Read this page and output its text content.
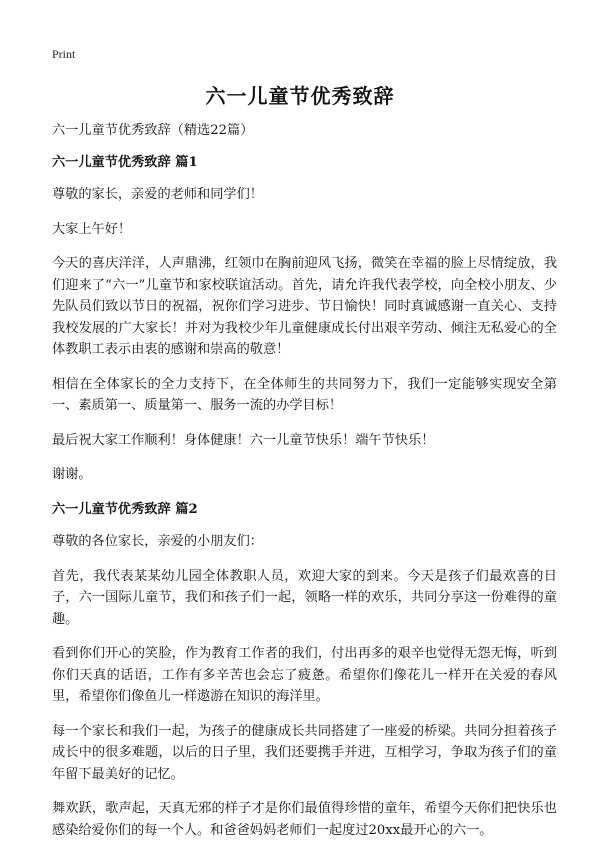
Print
六一儿童节优秀致辞

六一儿童节优秀致辞（精选22篇）

六一儿童节优秀致辞 篇1

尊敬的家长，亲爱的老师和同学们！

大家上午好！

今天的喜庆洋洋，人声鼎沸，红领巾在胸前迎风飞扬，微笑在幸福的脸上尽情绽放，我们迎来了“六一”儿童节和家校联谊活动。首先，请允许我代表学校，向全校小朋友、少先队员们致以节日的祝福，祝你们学习进步、节日愉快！同时真诚感谢一直关心、支持我校发展的广大家长！并对为我校少年儿童健康成长付出艰辛劳动、倾注无私爱心的全体教职工表示由衷的感谢和崇高的敬意！

相信在全体家长的全力支持下，在全体师生的共同努力下，我们一定能够实现安全第一、素质第一、质量第一、服务一流的办学目标！

最后祝大家工作顺利！身体健康！六一儿童节快乐！端午节快乐！

谢谢。

六一儿童节优秀致辞 篇2

尊敬的各位家长，亲爱的小朋友们：

首先，我代表某某幼儿园全体教职人员，欢迎大家的到来。今天是孩子们最欢喜的日子，六一国际儿童节，我们和孩子们一起，领略一样的欢乐，共同分享这一份难得的童趣。

看到你们开心的笑脸，作为教育工作者的我们，付出再多的艰辛也觉得无怨无悔，听到你们天真的话语，工作有多辛苦也会忘了疲惫。希望你们像花儿一样开在关爱的春风里，希望你们像鱼儿一样遨游在知识的海洋里。

每一个家长和我们一起，为孩子的健康成长共同搭建了一座爱的桥梁。共同分担着孩子成长中的很多难题，以后的日子里，我们还要携手并进，互相学习，争取为孩子们的童年留下最美好的记忆。

舞欢跃，歌声起，天真无邪的样子才是你们最值得珍惜的童年，希望今天你们把快乐也感染给爱你们的每一个人。和爸爸妈妈老师们一起度过20xx最开心的六一。
